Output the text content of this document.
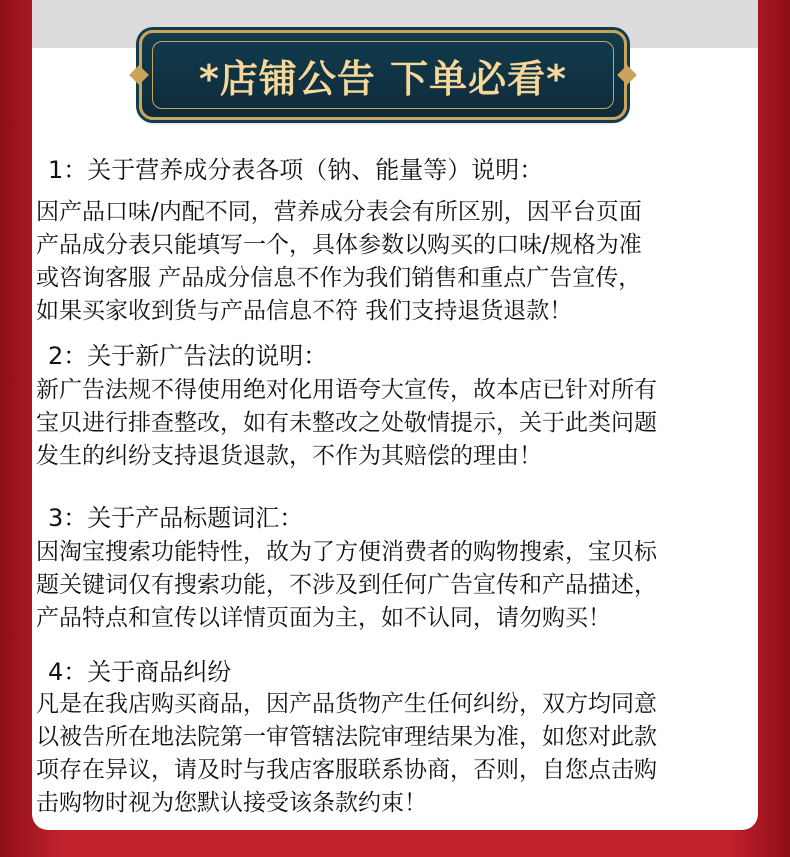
*店铺公告 下单必看*
1：关于营养成分表各项（钠、能量等）说明：
因产品口味/内配不同，营养成分表会有所区别，因平台页面
产品成分表只能填写一个，具体参数以购买的口味/规格为准
或咨询客服 产品成分信息不作为我们销售和重点广告宣传，
如果买家收到货与产品信息不符 我们支持退货退款！
2：关于新广告法的说明：
新广告法规不得使用绝对化用语夸大宣传，故本店已针对所有
宝贝进行排查整改，如有未整改之处敬情提示，关于此类问题
发生的纠纷支持退货退款，不作为其赔偿的理由！
3：关于产品标题词汇：
因淘宝搜索功能特性，故为了方便消费者的购物搜索，宝贝标
题关键词仅有搜索功能，不涉及到任何广告宣传和产品描述，
产品特点和宣传以详情页面为主，如不认同，请勿购买！
4：关于商品纠纷
凡是在我店购买商品，因产品货物产生任何纠纷，双方均同意
以被告所在地法院第一审管辖法院审理结果为准，如您对此款
项存在异议，请及时与我店客服联系协商，否则，自您点击购
击购物时视为您默认接受该条款约束！
